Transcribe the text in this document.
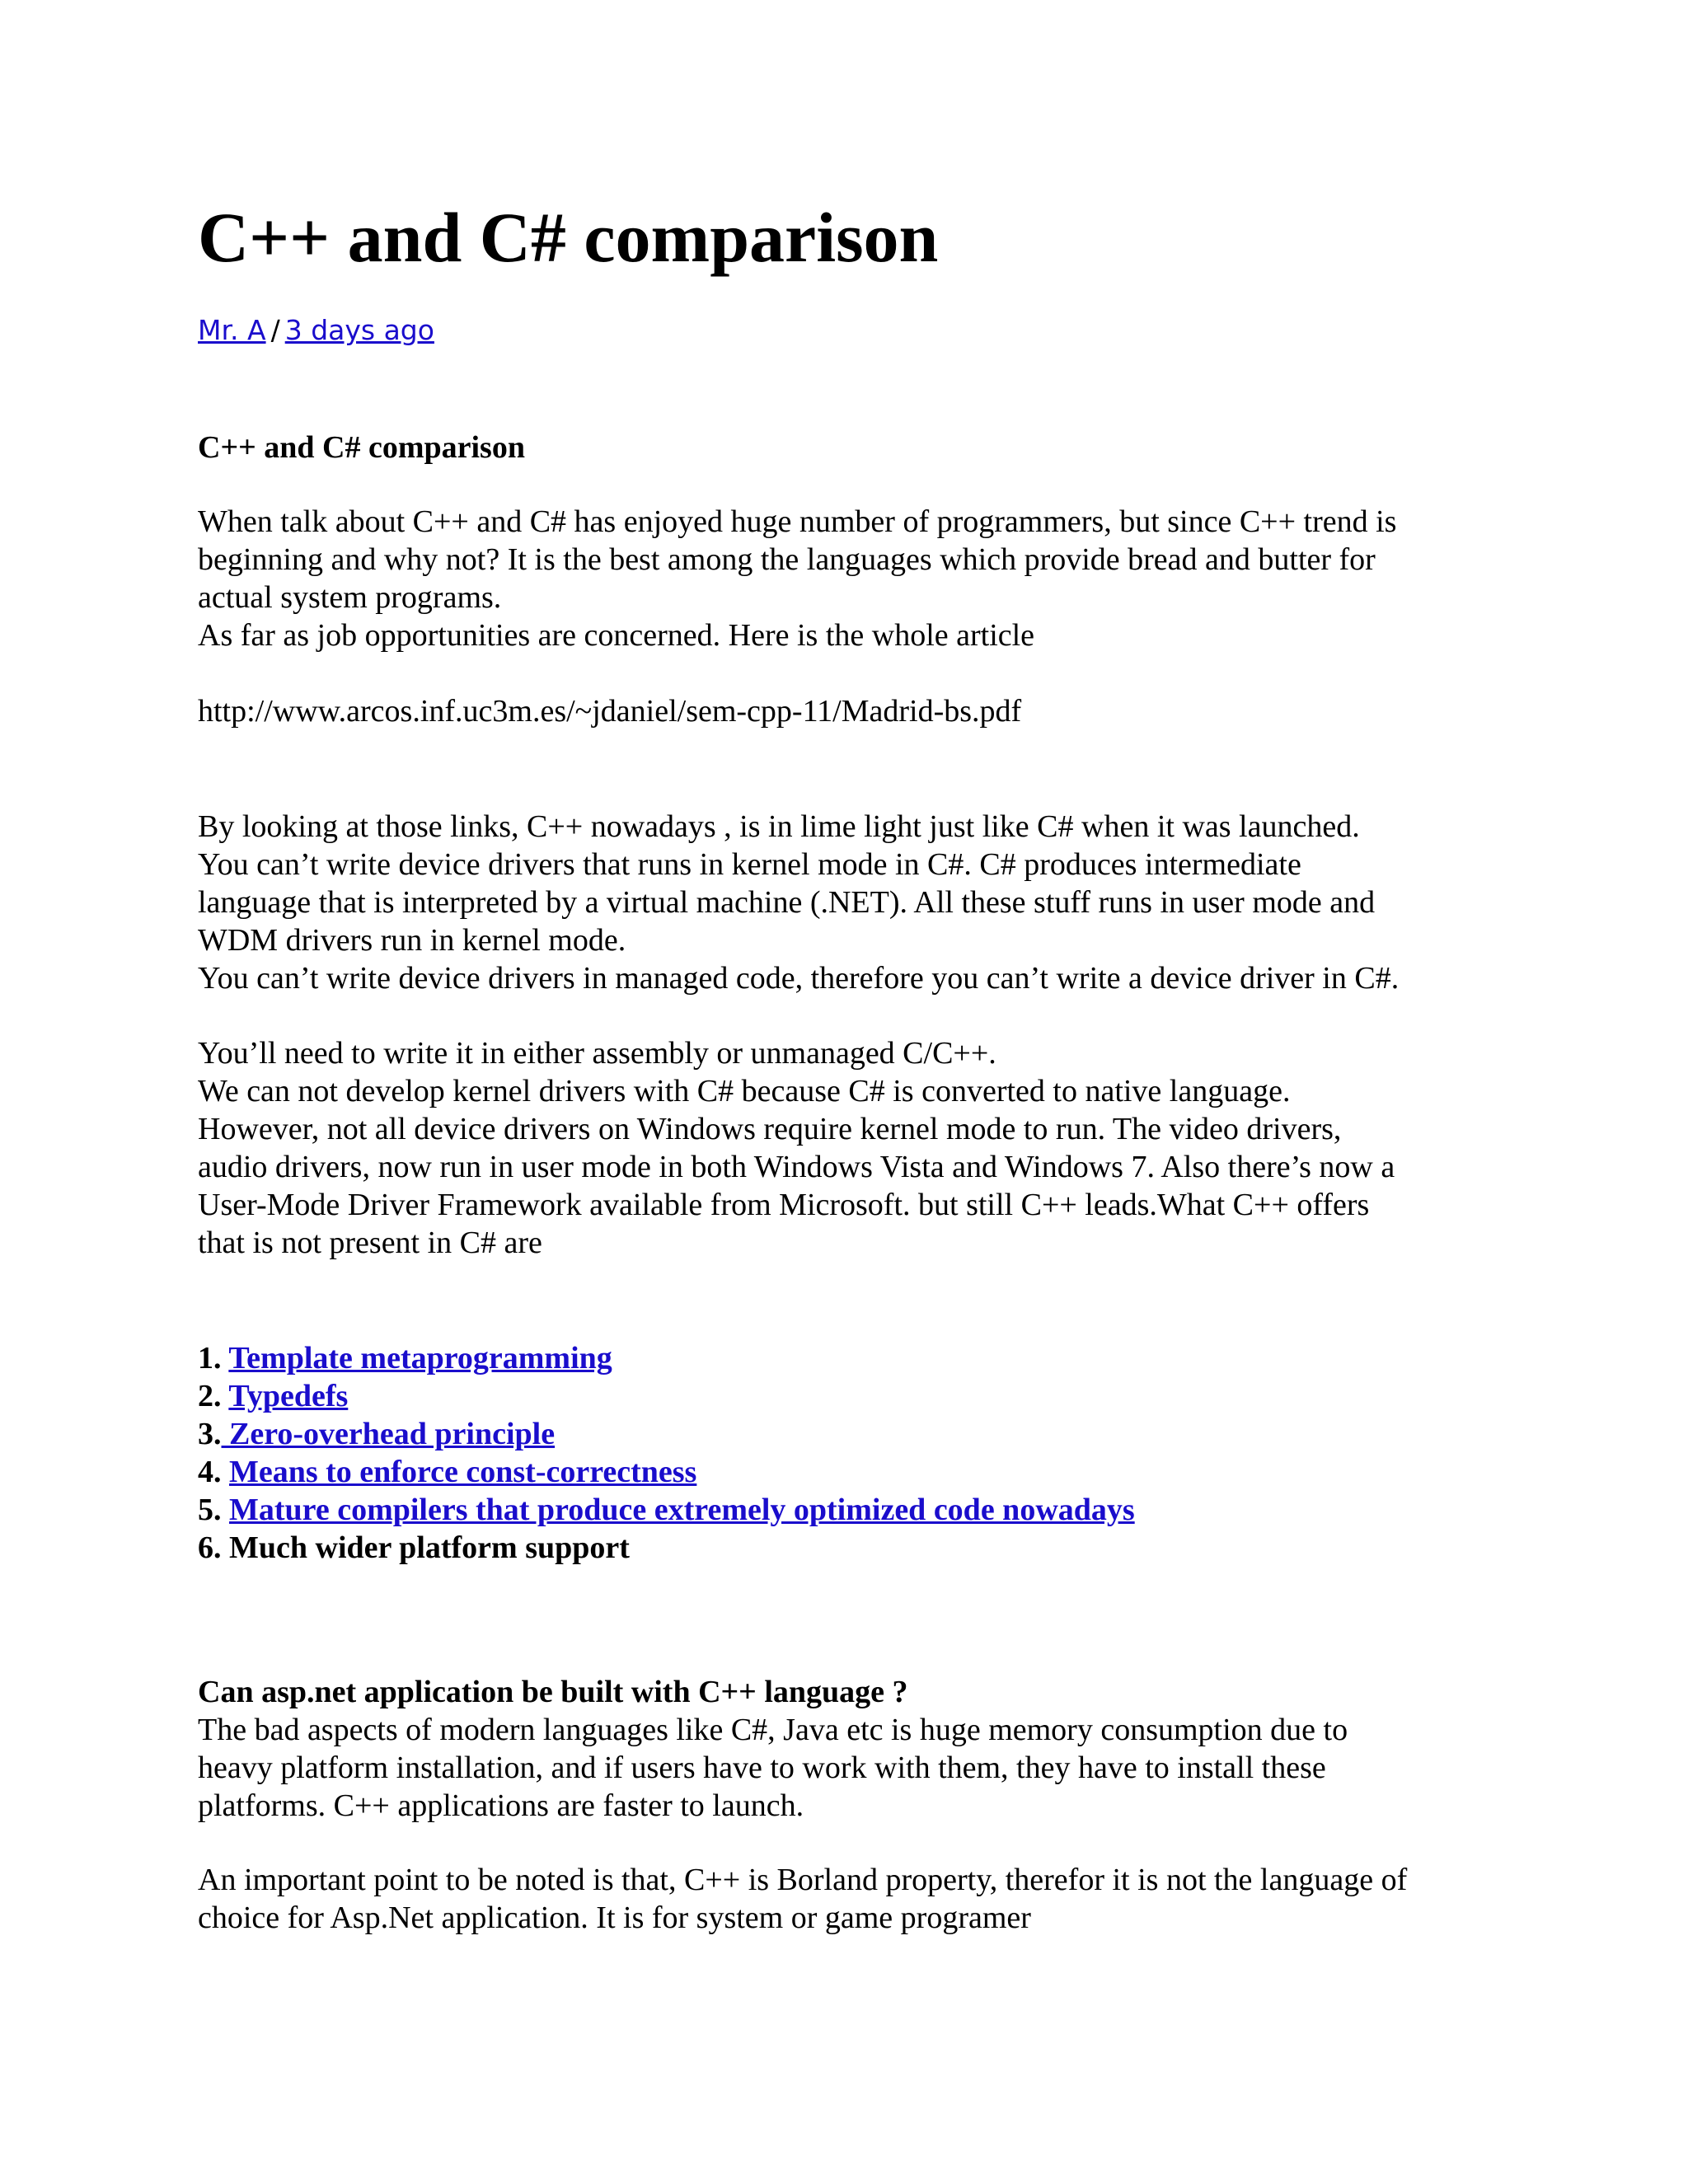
C++ and C# comparison
Mr. A / 3 days ago

C++ and C# comparison

When talk about C++ and C# has enjoyed huge number of programmers, but since C++ trend is

beginning and why not? It is the best among the languages which provide bread and butter for

actual system programs.

As far as job opportunities are concerned. Here is the whole article

http://www.arcos.inf.uc3m.es/~jdaniel/sem-cpp-11/Madrid-bs.pdf

By looking at those links, C++ nowadays , is in lime light just like C# when it was launched.

You can’t write device drivers that runs in kernel mode in C#. C# produces intermediate

language that is interpreted by a virtual machine (.NET). All these stuff runs in user mode and

WDM drivers run in kernel mode.

You can’t write device drivers in managed code, therefore you can’t write a device driver in C#.

You’ll need to write it in either assembly or unmanaged C/C++.

We can not develop kernel drivers with C# because C# is converted to native language.

However, not all device drivers on Windows require kernel mode to run. The video drivers,

audio drivers, now run in user mode in both Windows Vista and Windows 7. Also there’s now a

User-Mode Driver Framework available from Microsoft. but still C++ leads.What C++ offers

that is not present in C# are

1. Template metaprogramming

2. Typedefs

3. Zero-overhead principle

4. Means to enforce const-correctness

5. Mature compilers that produce extremely optimized code nowadays

6. Much wider platform support

Can asp.net application be built with C++ language ?

The bad aspects of modern languages like C#, Java etc is huge memory consumption due to

heavy platform installation, and if users have to work with them, they have to install these

platforms. C++ applications are faster to launch.

An important point to be noted is that, C++ is Borland property, therefor it is not the language of

choice for Asp.Net application. It is for system or game programer
